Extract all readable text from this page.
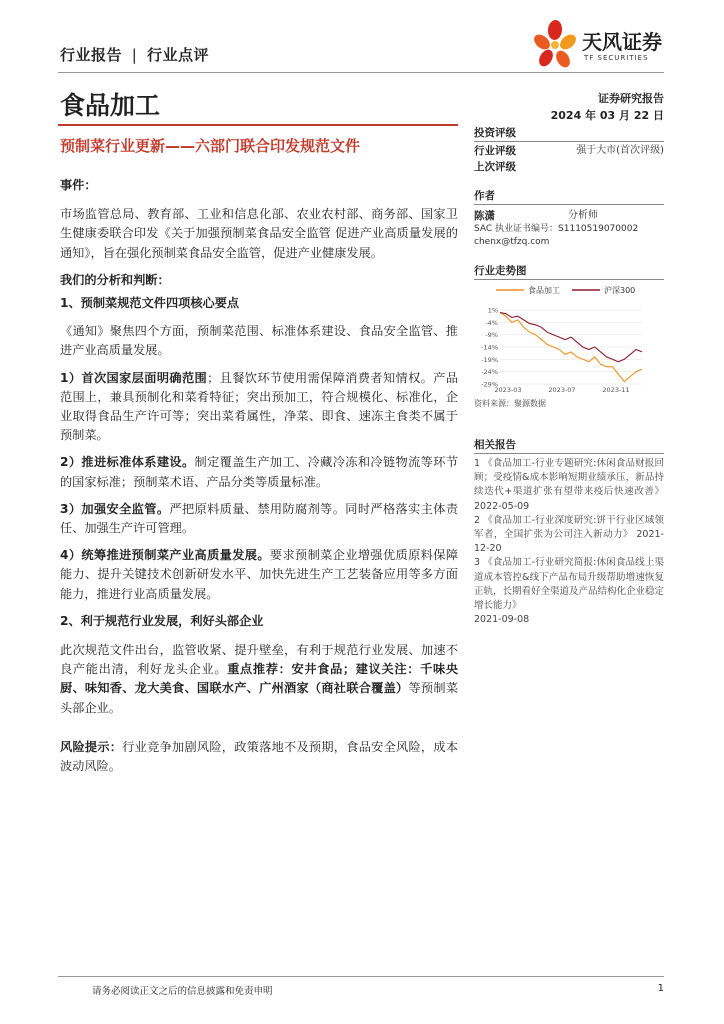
行业报告 | 行业点评
天风证券
TF SECURITIES
食品加工	证券研究报告
2024 年 03 月 22 日
预制菜行业更新——六部门联合印发规范文件

事件：

市场监管总局、教育部、工业和信息化部、农业农村部、商务部、国家卫生健康委联合印发《关于加强预制菜食品安全监管 促进产业高质量发展的通知》，旨在强化预制菜食品安全监管，促进产业健康发展。

我们的分析和判断：

1、预制菜规范文件四项核心要点

《通知》聚焦四个方面，预制菜范围、标准体系建设、食品安全监管、推进产业高质量发展。

1）首次国家层面明确范围；且餐饮环节使用需保障消费者知情权。产品范围上，兼具预制化和菜肴特征；突出预加工，符合规模化、标准化，企业取得食品生产许可等；突出菜肴属性，净菜、即食、速冻主食类不属于预制菜。

2）推进标准体系建设。制定覆盖生产加工、冷藏冷冻和冷链物流等环节的国家标准；预制菜术语、产品分类等质量标准。

3）加强安全监管。严把原料质量、禁用防腐剂等。同时严格落实主体责任、加强生产许可管理。

4）统筹推进预制菜产业高质量发展。要求预制菜企业增强优质原料保障能力、提升关键技术创新研发水平、加快先进生产工艺装备应用等多方面能力，推进行业高质量发展。

2、利于规范行业发展，利好头部企业

此次规范文件出台，监管收紧、提升壁垒，有利于规范行业发展、加速不良产能出清，利好龙头企业。重点推荐：安井食品；建议关注：千味央厨、味知香、龙大美食、国联水产、广州酒家（商社联合覆盖）等预制菜头部企业。

风险提示：行业竞争加剧风险，政策落地不及预期，食品安全风险，成本波动风险。

投资评级
行业评级	强于大市(首次评级)
上次评级
作者
陈潇	分析师
SAC 执业证书编号：S1110519070002
chenx@tfzq.com
行业走势图
食品加工	沪深300
1%
-4%
-9%
-14%
-19%
-24%
-29%
2023-03	2023-07	2023-11
资料来源：聚源数据
相关报告
1 《食品加工-行业专题研究:休闲食品财报回顾；受疫情&成本影响短期业绩承压，新品持续迭代+渠道扩张有望带来疫后快速改善》 2022-05-09
2 《食品加工-行业深度研究:饼干行业区域领军者，全国扩张为公司注入新动力》 2021-12-20
3 《食品加工-行业研究简报:休闲食品线上渠道成本管控&线下产品布局升级帮助增速恢复正轨，长期看好全渠道及产品结构化企业稳定增长能力》
2021-09-08
请务必阅读正文之后的信息披露和免责申明	1
